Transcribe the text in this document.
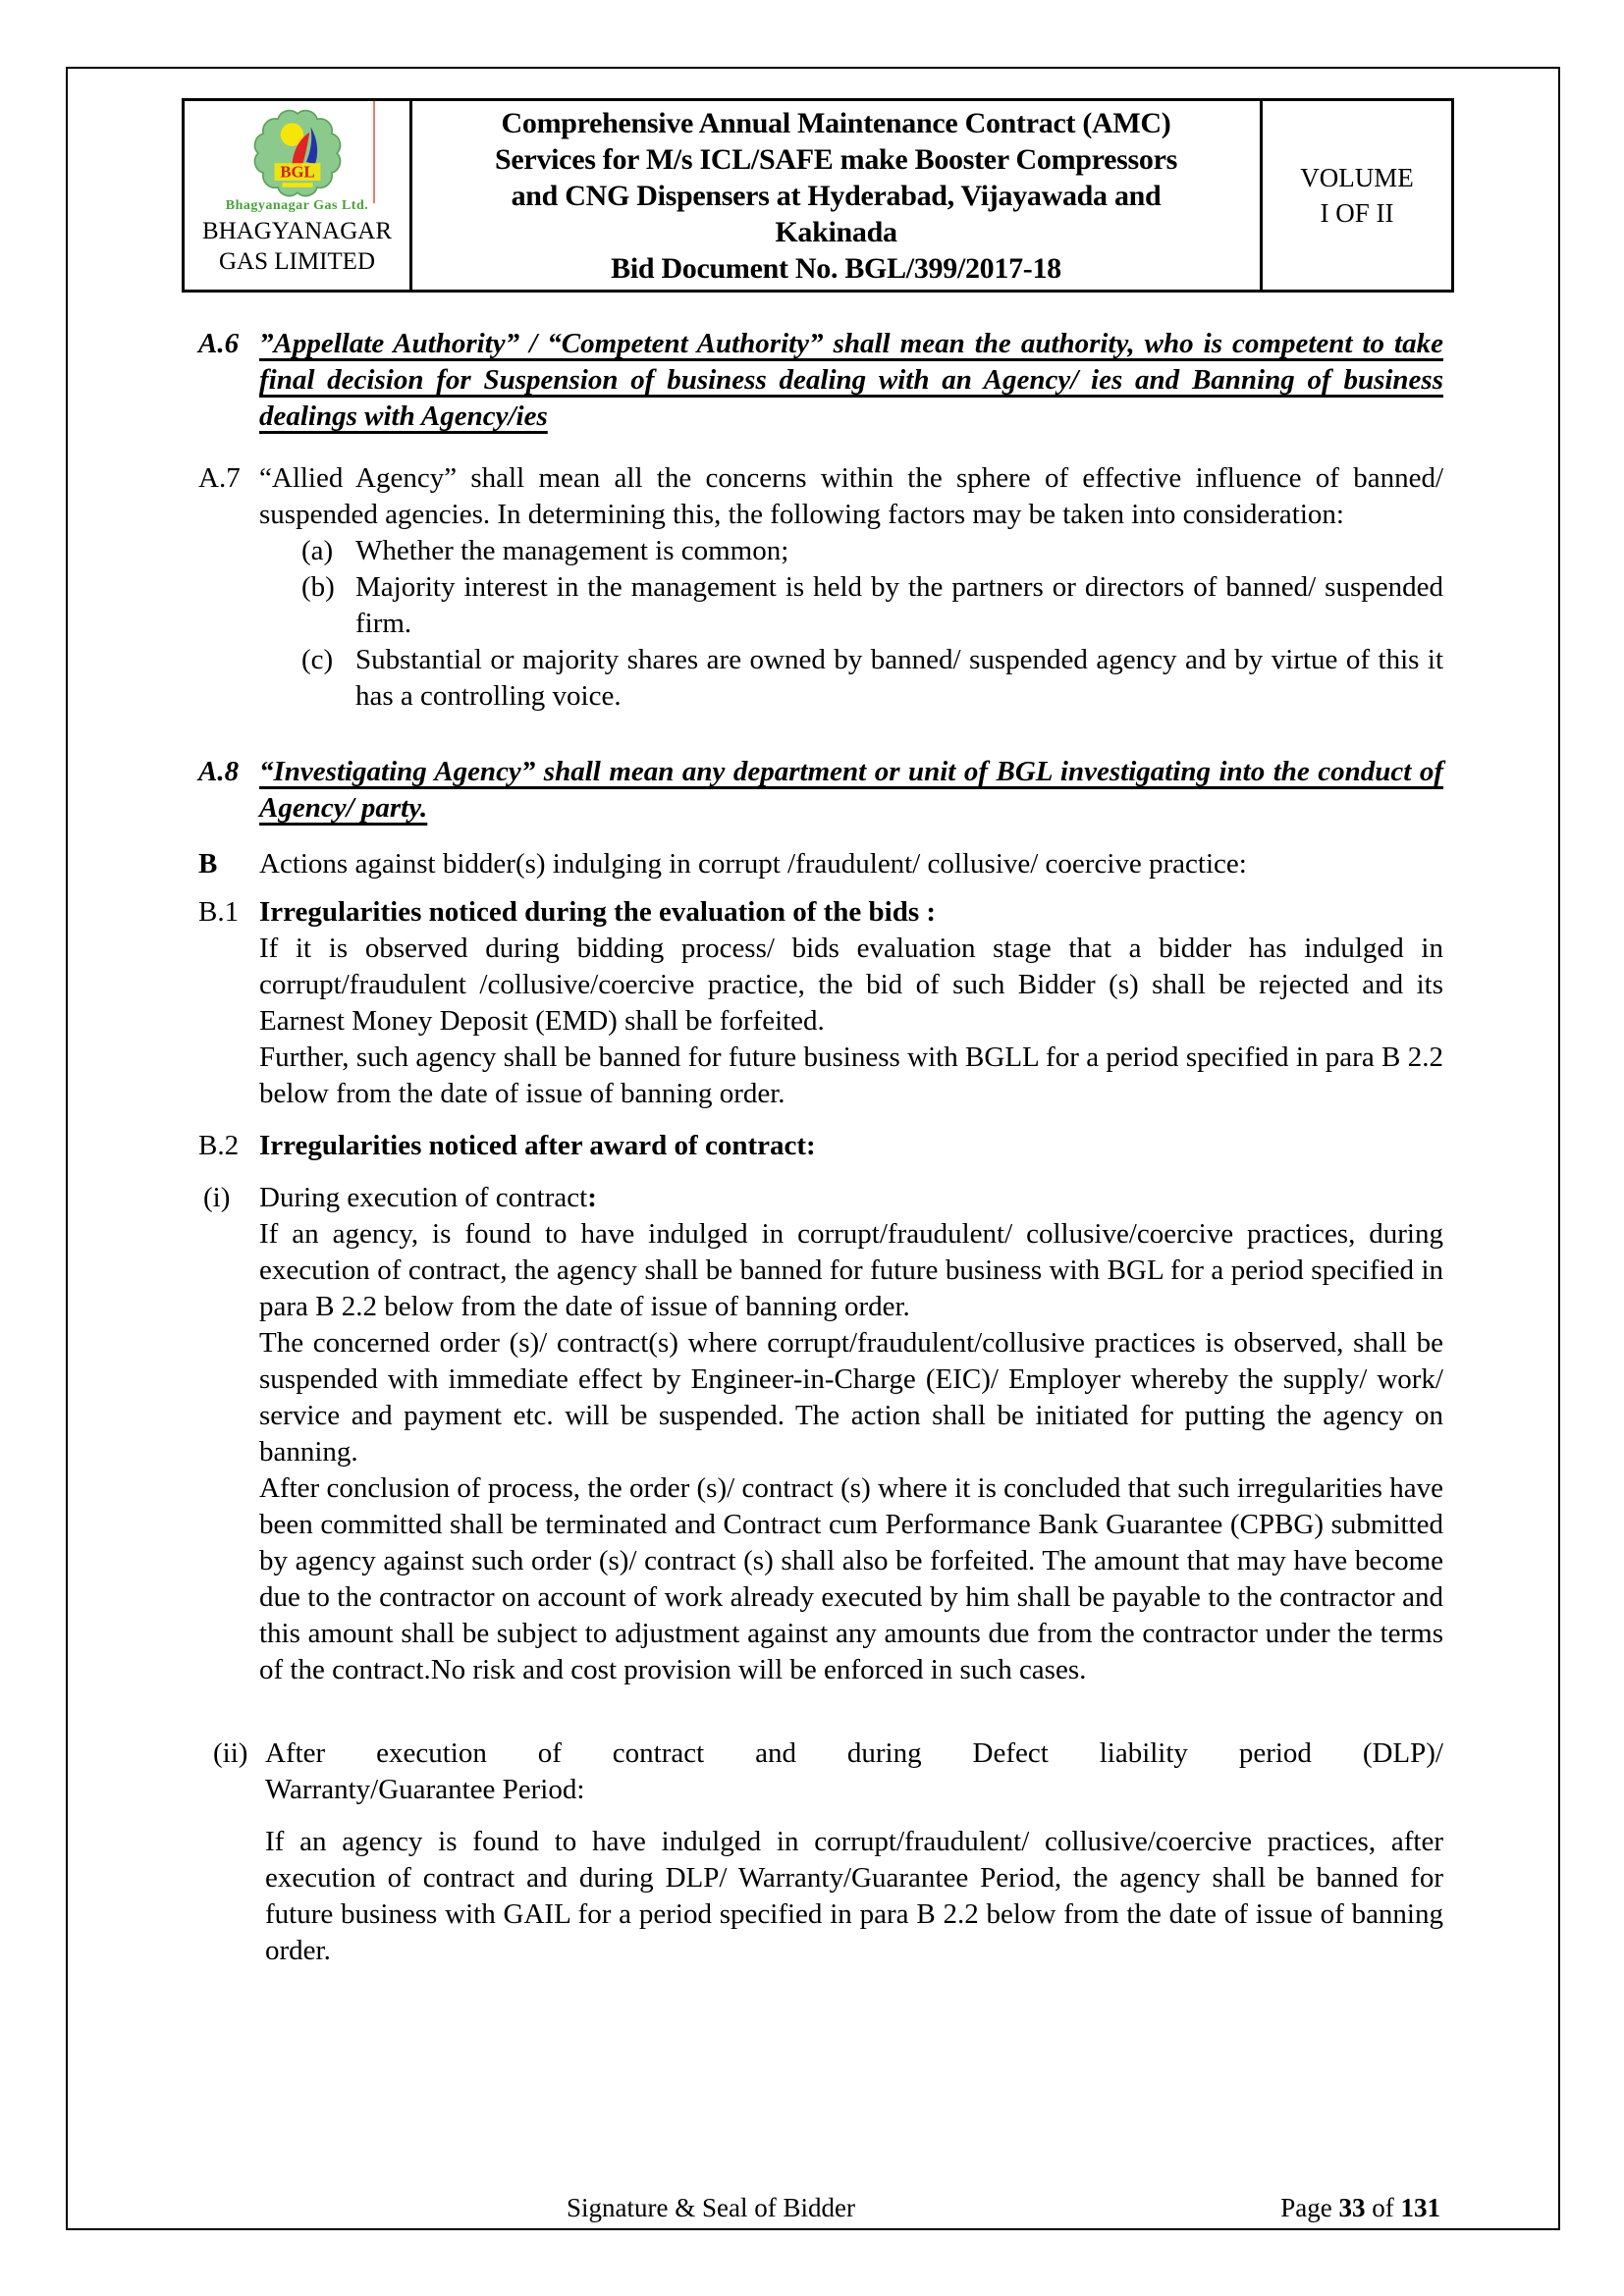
BGL
Bhagyanagar Gas Ltd.
BHAGYANAGAR
GAS LIMITED
Comprehensive Annual Maintenance Contract (AMC)
Services for M/s ICL/SAFE make Booster Compressors
and CNG Dispensers at Hyderabad, Vijayawada and
Kakinada
Bid Document No. BGL/399/2017-18
VOLUME
I OF II
A.6 ”Appellate Authority” / “Competent Authority” shall mean the authority, who is competent to take final decision for Suspension of business dealing with an Agency/ ies and Banning of business dealings with Agency/ies
A.7 “Allied Agency” shall mean all the concerns within the sphere of effective influence of banned/ suspended agencies. In determining this, the following factors may be taken into consideration:
(a) Whether the management is common;
(b) Majority interest in the management is held by the partners or directors of banned/ suspended firm.
(c) Substantial or majority shares are owned by banned/ suspended agency and by virtue of this it has a controlling voice.
A.8 “Investigating Agency” shall mean any department or unit of BGL investigating into the conduct of Agency/ party.
B Actions against bidder(s) indulging in corrupt /fraudulent/ collusive/ coercive practice:
B.1 Irregularities noticed during the evaluation of the bids :
If it is observed during bidding process/ bids evaluation stage that a bidder has indulged in corrupt/fraudulent /collusive/coercive practice, the bid of such Bidder (s) shall be rejected and its Earnest Money Deposit (EMD) shall be forfeited.
Further, such agency shall be banned for future business with BGLL for a period specified in para B 2.2 below from the date of issue of banning order.
B.2 Irregularities noticed after award of contract:
(i) During execution of contract:
If an agency, is found to have indulged in corrupt/fraudulent/ collusive/coercive practices, during execution of contract, the agency shall be banned for future business with BGL for a period specified in para B 2.2 below from the date of issue of banning order.
The concerned order (s)/ contract(s) where corrupt/fraudulent/collusive practices is observed, shall be suspended with immediate effect by Engineer-in-Charge (EIC)/ Employer whereby the supply/ work/ service and payment etc. will be suspended. The action shall be initiated for putting the agency on banning.
After conclusion of process, the order (s)/ contract (s) where it is concluded that such irregularities have been committed shall be terminated and Contract cum Performance Bank Guarantee (CPBG) submitted by agency against such order (s)/ contract (s) shall also be forfeited. The amount that may have become due to the contractor on account of work already executed by him shall be payable to the contractor and this amount shall be subject to adjustment against any amounts due from the contractor under the terms of the contract.No risk and cost provision will be enforced in such cases.
(ii) After execution of contract and during Defect liability period (DLP)/
Warranty/Guarantee Period:
If an agency is found to have indulged in corrupt/fraudulent/ collusive/coercive practices, after execution of contract and during DLP/ Warranty/Guarantee Period, the agency shall be banned for future business with GAIL for a period specified in para B 2.2 below from the date of issue of banning order.
Signature & Seal of Bidder	Page 33 of 131
